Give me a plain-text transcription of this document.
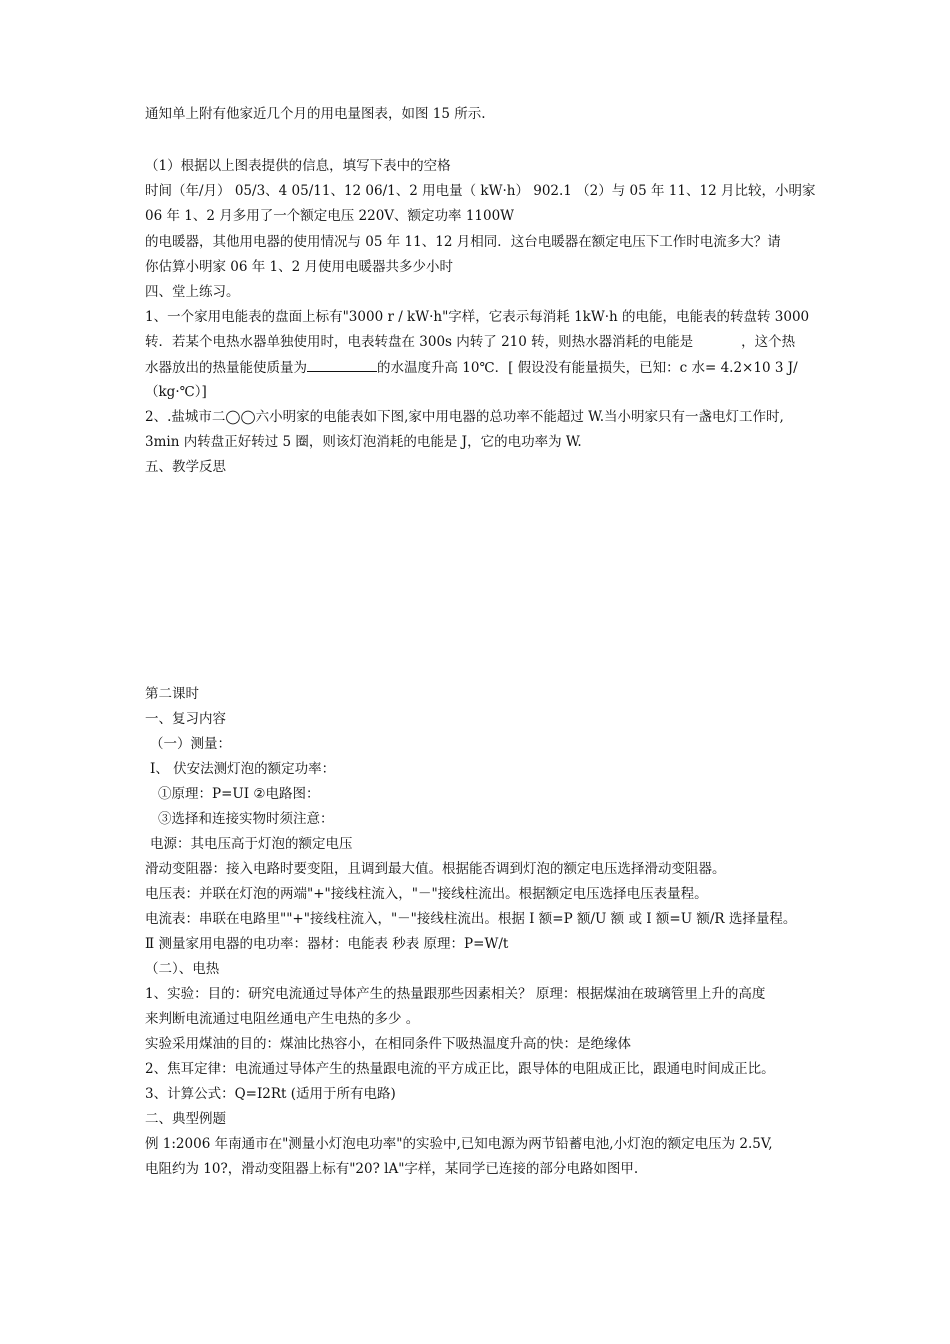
通知单上附有他家近几个月的用电量图表，如图 15 所示.
（1）根据以上图表提供的信息，填写下表中的空格
时间（年/月） 05/3、4 05/11、12 06/1、2 用电量（ kW·h） 902.1 （2）与 05 年 11、12 月比较，小明家
06 年 1、2 月多用了一个额定电压 220V、额定功率 1100W
的电暖器，其他用电器的使用情况与 05 年 11、12 月相同．这台电暖器在额定电压下工作时电流多大？请
你估算小明家 06 年 1、2 月使用电暖器共多少小时
四、堂上练习。
1、一个家用电能表的盘面上标有"3000 r / kW·h"字样，它表示每消耗 1kW·h 的电能，电能表的转盘转 3000
转．若某个电热水器单独使用时，电表转盘在 300s 内转了 210 转，则热水器消耗的电能是	，这个热
水器放出的热量能使质量为	的水温度升高 10℃．[ 假设没有能量损失，已知：c 水= 4.2×10 3 J/
（kg·℃）]
2、.盐城市二◯◯六小明家的电能表如下图,家中用电器的总功率不能超过 W.当小明家只有一盏电灯工作时,
3min 内转盘正好转过 5 圈，则该灯泡消耗的电能是 J，它的电功率为 W.
五、教学反思
第二课时
一、复习内容
（一）测量：
Ⅰ、 伏安法测灯泡的额定功率：
①原理：P=UI ②电路图：
③选择和连接实物时须注意：
电源：其电压高于灯泡的额定电压
滑动变阻器：接入电路时要变阻，且调到最大值。根据能否调到灯泡的额定电压选择滑动变阻器。
电压表：并联在灯泡的两端"+"接线柱流入，"－"接线柱流出。根据额定电压选择电压表量程。
电流表：串联在电路里""+"接线柱流入，"－"接线柱流出。根据 I 额=P 额/U 额 或 I 额=U 额/R 选择量程。
Ⅱ 测量家用电器的电功率：器材：电能表 秒表 原理：P=W/t
（二）、电热
1、实验：目的：研究电流通过导体产生的热量跟那些因素相关？ 原理：根据煤油在玻璃管里上升的高度
来判断电流通过电阻丝通电产生电热的多少 。
实验采用煤油的目的：煤油比热容小，在相同条件下吸热温度升高的快：是绝缘体
2、焦耳定律：电流通过导体产生的热量跟电流的平方成正比，跟导体的电阻成正比，跟通电时间成正比。
3、计算公式：Q=I2Rt (适用于所有电路)
二、典型例题
例 1:2006 年南通市在"测量小灯泡电功率"的实验中,已知电源为两节铅蓄电池,小灯泡的额定电压为 2.5V,
电阻约为 10?，滑动变阻器上标有"20? lA"字样，某同学已连接的部分电路如图甲.
